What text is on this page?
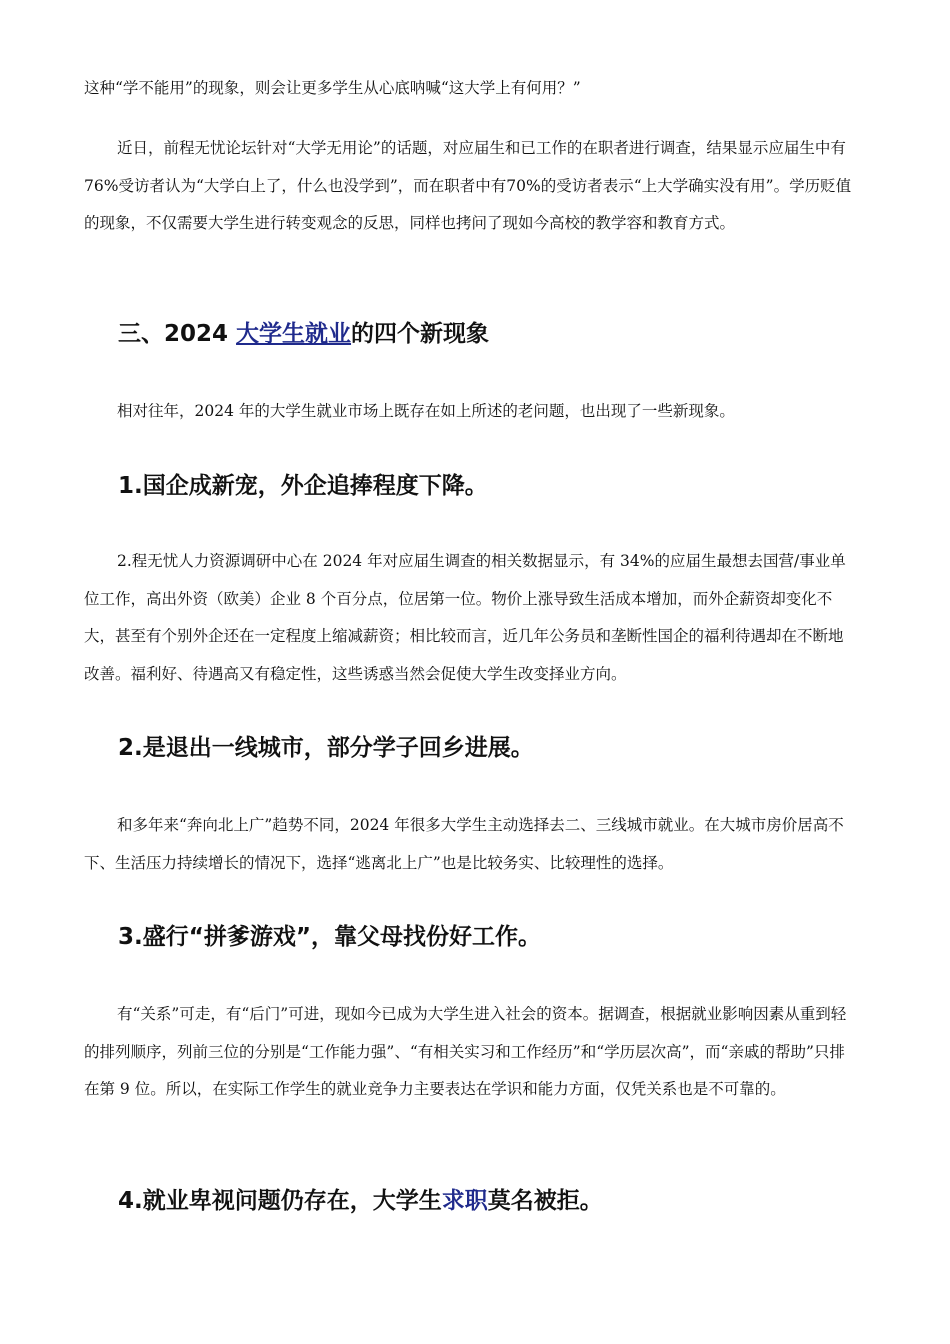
这种“学不能用”的现象，则会让更多学生从心底呐喊“这大学上有何用？”

近日，前程无忧论坛针对“大学无用论”的话题，对应届生和已工作的在职者进行调查，结果显示应届生中有76%受访者认为“大学白上了，什么也没学到”，而在职者中有70%的受访者表示“上大学确实没有用”。学历贬值的现象，不仅需要大学生进行转变观念的反思，同样也拷问了现如今高校的教学容和教育方式。

三、2024 大学生就业的四个新现象

相对往年，2024 年的大学生就业市场上既存在如上所述的老问题，也出现了一些新现象。

1.国企成新宠，外企追捧程度下降。

2.程无忧人力资源调研中心在 2024 年对应届生调查的相关数据显示，有 34%的应届生最想去国营/事业单位工作，高出外资（欧美）企业 8 个百分点，位居第一位。物价上涨导致生活成本增加，而外企薪资却变化不大，甚至有个别外企还在一定程度上缩减薪资；相比较而言，近几年公务员和垄断性国企的福利待遇却在不断地改善。福利好、待遇高又有稳定性，这些诱惑当然会促使大学生改变择业方向。

2.是退出一线城市，部分学子回乡进展。

和多年来“奔向北上广”趋势不同，2024 年很多大学生主动选择去二、三线城市就业。在大城市房价居高不下、生活压力持续增长的情况下，选择“逃离北上广”也是比较务实、比较理性的选择。

3.盛行“拼爹游戏”，靠父母找份好工作。

有“关系”可走，有“后门”可进，现如今已成为大学生进入社会的资本。据调查，根据就业影响因素从重到轻的排列顺序，列前三位的分别是“工作能力强”、“有相关实习和工作经历”和“学历层次高”，而“亲戚的帮助”只排在第 9 位。所以，在实际工作学生的就业竞争力主要表达在学识和能力方面，仅凭关系也是不可靠的。

4.就业卑视问题仍存在，大学生求职莫名被拒。
